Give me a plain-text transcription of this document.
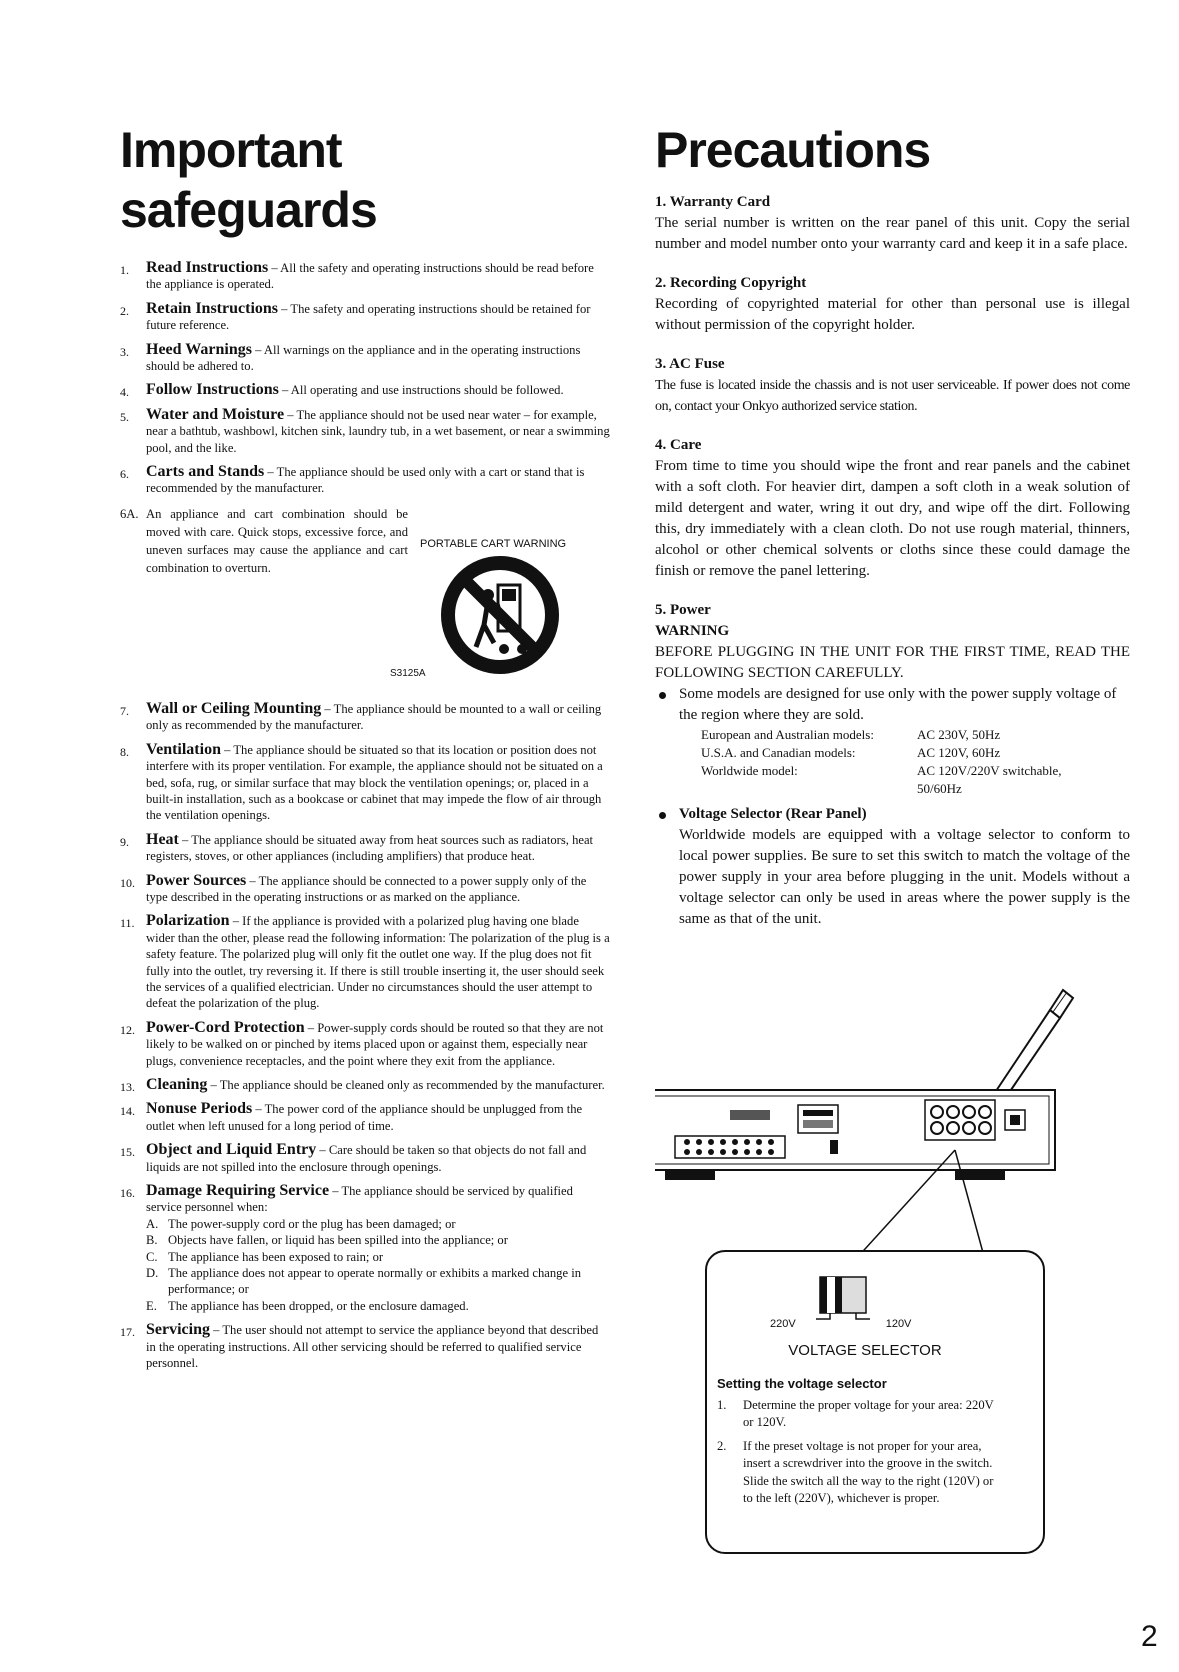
Important safeguards
1.	Read Instructions – All the safety and operating instructions should be read before the appliance is operated.
2.	Retain Instructions – The safety and operating instructions should be retained for future reference.
3.	Heed Warnings – All warnings on the appliance and in the operating instructions should be adhered to.
4.	Follow Instructions – All operating and use instructions should be followed.
5.	Water and Moisture – The appliance should not be used near water – for example, near a bathtub, washbowl, kitchen sink, laundry tub, in a wet basement, or near a swimming pool, and the like.
6.	Carts and Stands – The appliance should be used only with a cart or stand that is recommended by the manufacturer.
6A. An appliance and cart combination should be moved with care. Quick stops, excessive force, and uneven surfaces may cause the appliance and cart combination to overturn.
PORTABLE CART WARNING
S3125A
7.	Wall or Ceiling Mounting – The appliance should be mounted to a wall or ceiling only as recommended by the manufacturer.
8.	Ventilation – The appliance should be situated so that its location or position does not interfere with its proper ventilation. For example, the appliance should not be situated on a bed, sofa, rug, or similar surface that may block the ventilation openings; or, placed in a built-in installation, such as a bookcase or cabinet that may impede the flow of air through the ventilation openings.
9.	Heat – The appliance should be situated away from heat sources such as radiators, heat registers, stoves, or other appliances (including amplifiers) that produce heat.
10. Power Sources – The appliance should be connected to a power supply only of the type described in the operating instructions or as marked on the appliance.
11. Polarization – If the appliance is provided with a polarized plug having one blade wider than the other, please read the following information: The polarization of the plug is a safety feature. The polarized plug will only fit the outlet one way. If the plug does not fit fully into the outlet, try reversing it. If there is still trouble inserting it, the user should seek the services of a qualified electrician. Under no circumstances should the user attempt to defeat the polarization of the plug.
12. Power-Cord Protection – Power-supply cords should be routed so that they are not likely to be walked on or pinched by items placed upon or against them, especially near plugs, convenience receptacles, and the point where they exit from the appliance.
13. Cleaning – The appliance should be cleaned only as recommended by the manufacturer.
14. Nonuse Periods – The power cord of the appliance should be unplugged from the outlet when left unused for a long period of time.
15. Object and Liquid Entry – Care should be taken so that objects do not fall and liquids are not spilled into the enclosure through openings.
16. Damage Requiring Service – The appliance should be serviced by qualified service personnel when:
A. The power-supply cord or the plug has been damaged; or
B. Objects have fallen, or liquid has been spilled into the appliance; or
C. The appliance has been exposed to rain; or
D. The appliance does not appear to operate normally or exhibits a marked change in performance; or
E. The appliance has been dropped, or the enclosure damaged.
17. Servicing – The user should not attempt to service the appliance beyond that described in the operating instructions. All other servicing should be referred to qualified service personnel.
Precautions
1. Warranty Card
The serial number is written on the rear panel of this unit. Copy the serial number and model number onto your warranty card and keep it in a safe place.
2. Recording Copyright
Recording of copyrighted material for other than personal use is illegal without permission of the copyright holder.
3. AC Fuse
The fuse is located inside the chassis and is not user serviceable. If power does not come on, contact your Onkyo authorized service station.
4. Care
From time to time you should wipe the front and rear panels and the cabinet with a soft cloth. For heavier dirt, dampen a soft cloth in a weak solution of mild detergent and water, wring it out dry, and wipe off the dirt. Following this, dry immediately with a clean cloth. Do not use rough material, thinners, alcohol or other chemical solvents or cloths since these could damage the finish or remove the panel lettering.
5. Power
WARNING
BEFORE PLUGGING IN THE UNIT FOR THE FIRST TIME, READ THE FOLLOWING SECTION CAREFULLY.
Some models are designed for use only with the power supply voltage of the region where they are sold.
European and Australian models:	AC 230V, 50Hz
U.S.A. and Canadian models:	AC 120V, 60Hz
Worldwide model:	AC 120V/220V switchable, 50/60Hz
Voltage Selector (Rear Panel)
Worldwide models are equipped with a voltage selector to conform to local power supplies. Be sure to set this switch to match the voltage of the power supply in your area before plugging in the unit. Models without a voltage selector can only be used in areas where the power supply is the same as that of the unit.
220V	120V
VOLTAGE SELECTOR
Setting the voltage selector
1. Determine the proper voltage for your area: 220V or 120V.
2. If the preset voltage is not proper for your area, insert a screwdriver into the groove in the switch. Slide the switch all the way to the right (120V) or to the left (220V), whichever is proper.
2
